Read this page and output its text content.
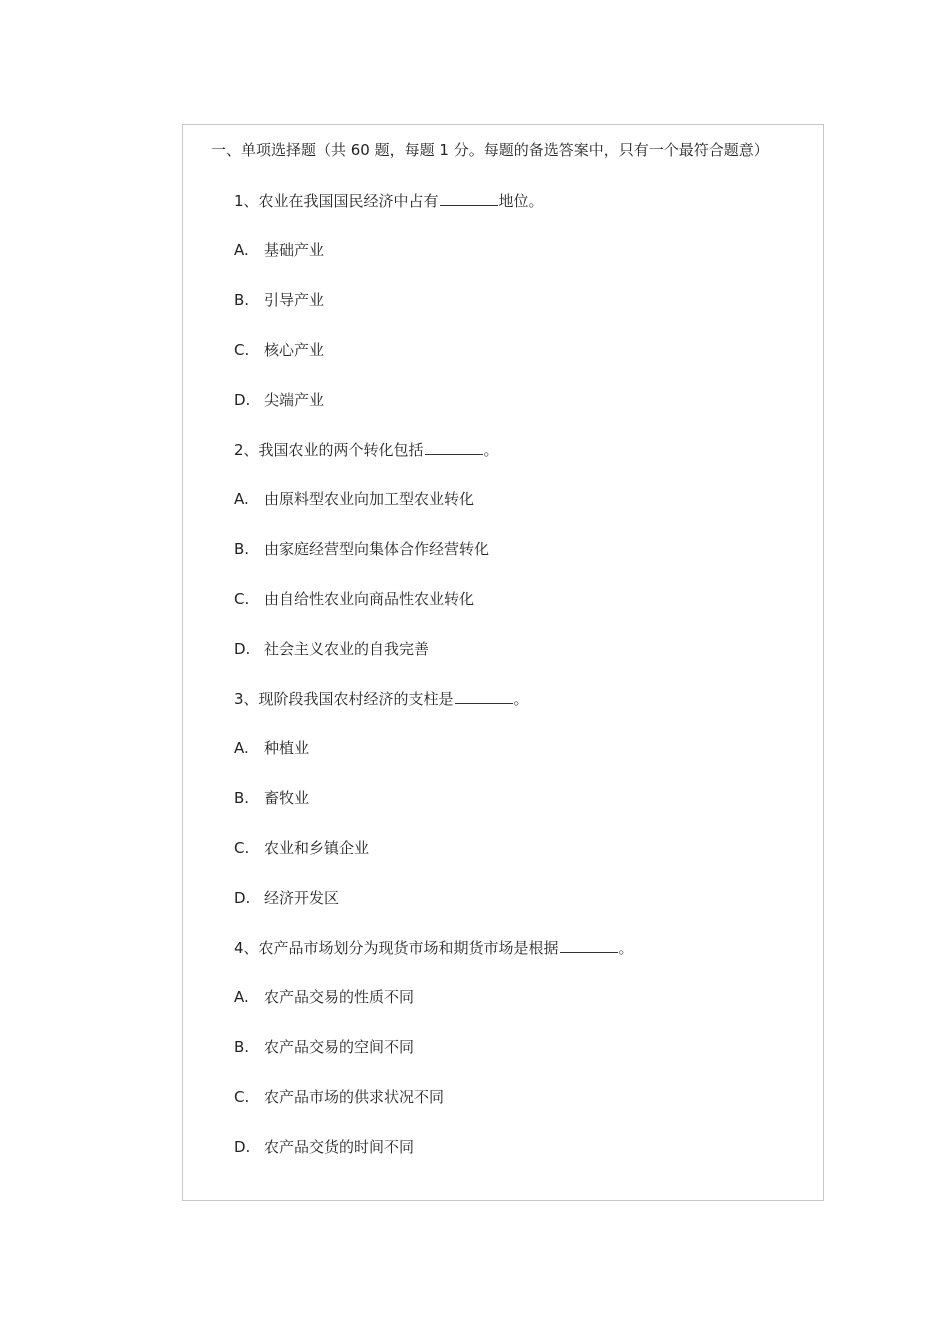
一、单项选择题（共 60 题，每题 1 分。每题的备选答案中，只有一个最符合题意）
1、农业在我国国民经济中占有	地位。
A. 基础产业
B. 引导产业
C. 核心产业
D. 尖端产业
2、我国农业的两个转化包括	。
A. 由原料型农业向加工型农业转化
B. 由家庭经营型向集体合作经营转化
C. 由自给性农业向商品性农业转化
D. 社会主义农业的自我完善
3、现阶段我国农村经济的支柱是	。
A. 种植业
B. 畜牧业
C. 农业和乡镇企业
D. 经济开发区
4、农产品市场划分为现货市场和期货市场是根据	。
A. 农产品交易的性质不同
B. 农产品交易的空间不同
C. 农产品市场的供求状况不同
D. 农产品交货的时间不同
